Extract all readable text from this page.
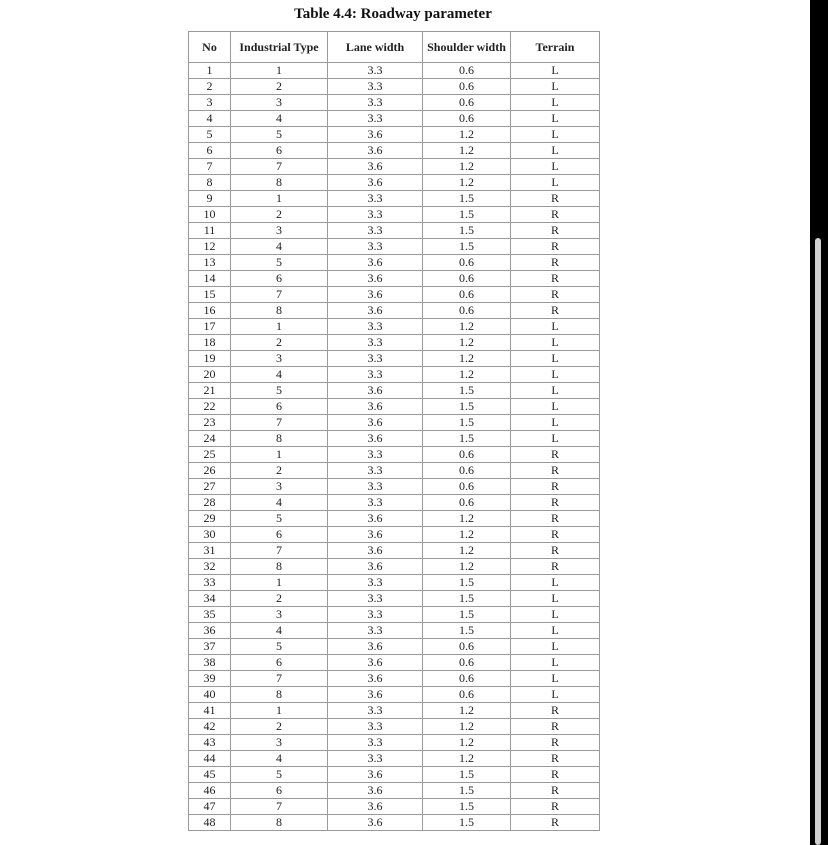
Table 4.4: Roadway parameter
No	Industrial Type	Lane width	Shoulder width	Terrain
1	1	3.3	0.6	L
2	2	3.3	0.6	L
3	3	3.3	0.6	L
4	4	3.3	0.6	L
5	5	3.6	1.2	L
6	6	3.6	1.2	L
7	7	3.6	1.2	L
8	8	3.6	1.2	L
9	1	3.3	1.5	R
10	2	3.3	1.5	R
11	3	3.3	1.5	R
12	4	3.3	1.5	R
13	5	3.6	0.6	R
14	6	3.6	0.6	R
15	7	3.6	0.6	R
16	8	3.6	0.6	R
17	1	3.3	1.2	L
18	2	3.3	1.2	L
19	3	3.3	1.2	L
20	4	3.3	1.2	L
21	5	3.6	1.5	L
22	6	3.6	1.5	L
23	7	3.6	1.5	L
24	8	3.6	1.5	L
25	1	3.3	0.6	R
26	2	3.3	0.6	R
27	3	3.3	0.6	R
28	4	3.3	0.6	R
29	5	3.6	1.2	R
30	6	3.6	1.2	R
31	7	3.6	1.2	R
32	8	3.6	1.2	R
33	1	3.3	1.5	L
34	2	3.3	1.5	L
35	3	3.3	1.5	L
36	4	3.3	1.5	L
37	5	3.6	0.6	L
38	6	3.6	0.6	L
39	7	3.6	0.6	L
40	8	3.6	0.6	L
41	1	3.3	1.2	R
42	2	3.3	1.2	R
43	3	3.3	1.2	R
44	4	3.3	1.2	R
45	5	3.6	1.5	R
46	6	3.6	1.5	R
47	7	3.6	1.5	R
48	8	3.6	1.5	R
